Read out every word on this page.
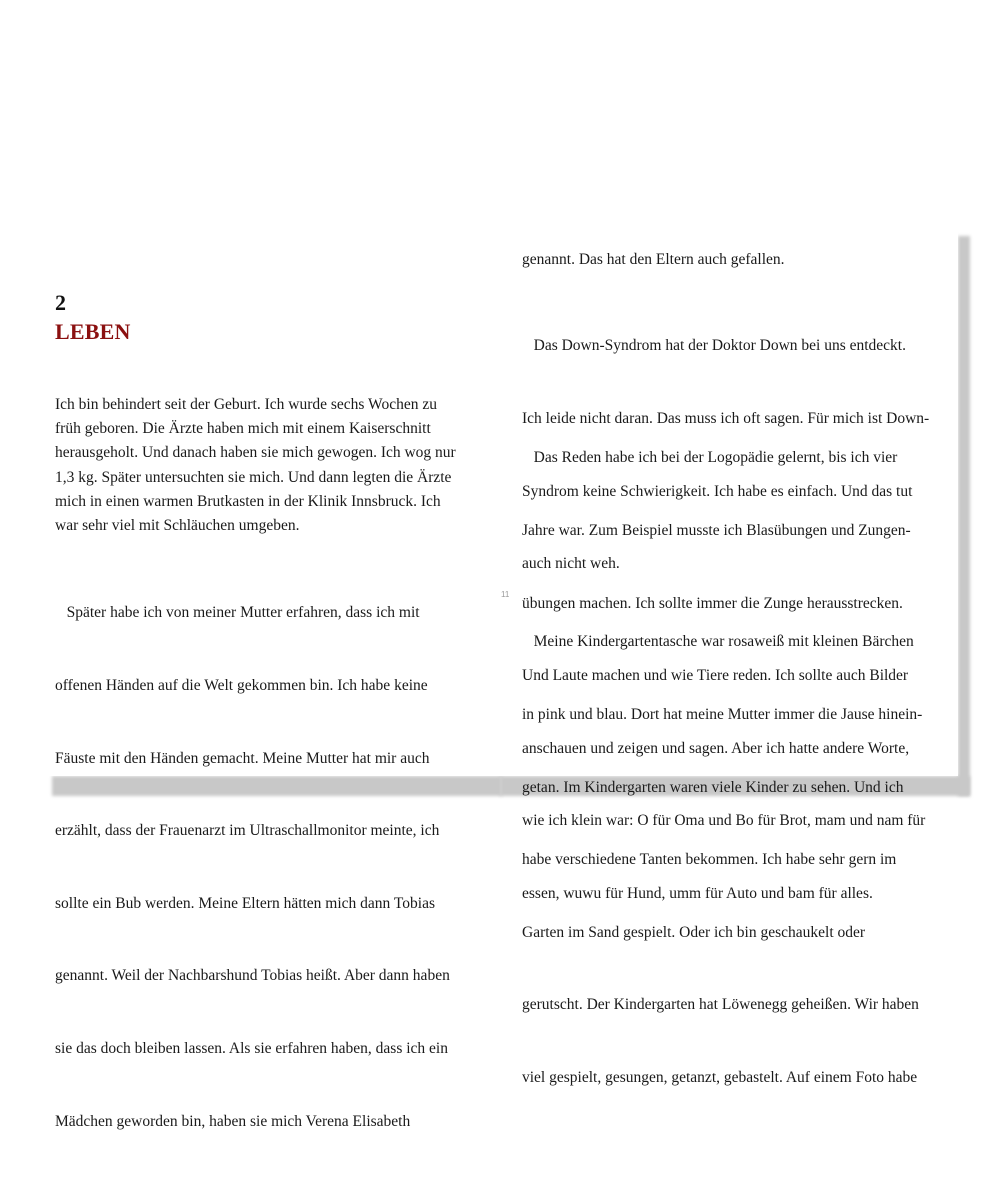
2
LEBEN
Ich bin behindert seit der Geburt. Ich wurde sechs Wochen zu
früh geboren. Die Ärzte haben mich mit einem Kaiserschnitt
herausgeholt. Und danach haben sie mich gewogen. Ich wog nur
1,3 kg. Später untersuchten sie mich. Und dann legten die Ärzte
mich in einen warmen Brutkasten in der Klinik Innsbruck. Ich
war sehr viel mit Schläuchen umgeben.

Später habe ich von meiner Mutter erfahren, dass ich mit

offenen Händen auf die Welt gekommen bin. Ich habe keine

Fäuste mit den Händen gemacht. Meine Mutter hat mir auch

erzählt, dass der Frauenarzt im Ultraschallmonitor meinte, ich

sollte ein Bub werden. Meine Eltern hätten mich dann Tobias

genannt. Weil der Nachbarshund Tobias heißt. Aber dann haben

sie das doch bleiben lassen. Als sie erfahren haben, dass ich ein

Mädchen geworden bin, haben sie mich Verena Elisabeth

genannt. Das hat den Eltern auch gefallen.

Das Down-Syndrom hat der Doktor Down bei uns entdeckt.

Ich leide nicht daran. Das muss ich oft sagen. Für mich ist Down-

Syndrom keine Schwierigkeit. Ich habe es einfach. Und das tut

auch nicht weh.

Das Reden habe ich bei der Logopädie gelernt, bis ich vier

Jahre war. Zum Beispiel musste ich Blasübungen und Zungen-

übungen machen. Ich sollte immer die Zunge herausstrecken.

Und Laute machen und wie Tiere reden. Ich sollte auch Bilder

anschauen und zeigen und sagen. Aber ich hatte andere Worte,

wie ich klein war: O für Oma und Bo für Brot, mam und nam für

essen, wuwu für Hund, umm für Auto und bam für alles.

11

Meine Kindergartentasche war rosaweiß mit kleinen Bärchen

in pink und blau. Dort hat meine Mutter immer die Jause hinein-

getan. Im Kindergarten waren viele Kinder zu sehen. Und ich

habe verschiedene Tanten bekommen. Ich habe sehr gern im

Garten im Sand gespielt. Oder ich bin geschaukelt oder

gerutscht. Der Kindergarten hat Löwenegg geheißen. Wir haben

viel gespielt, gesungen, getanzt, gebastelt. Auf einem Foto habe
